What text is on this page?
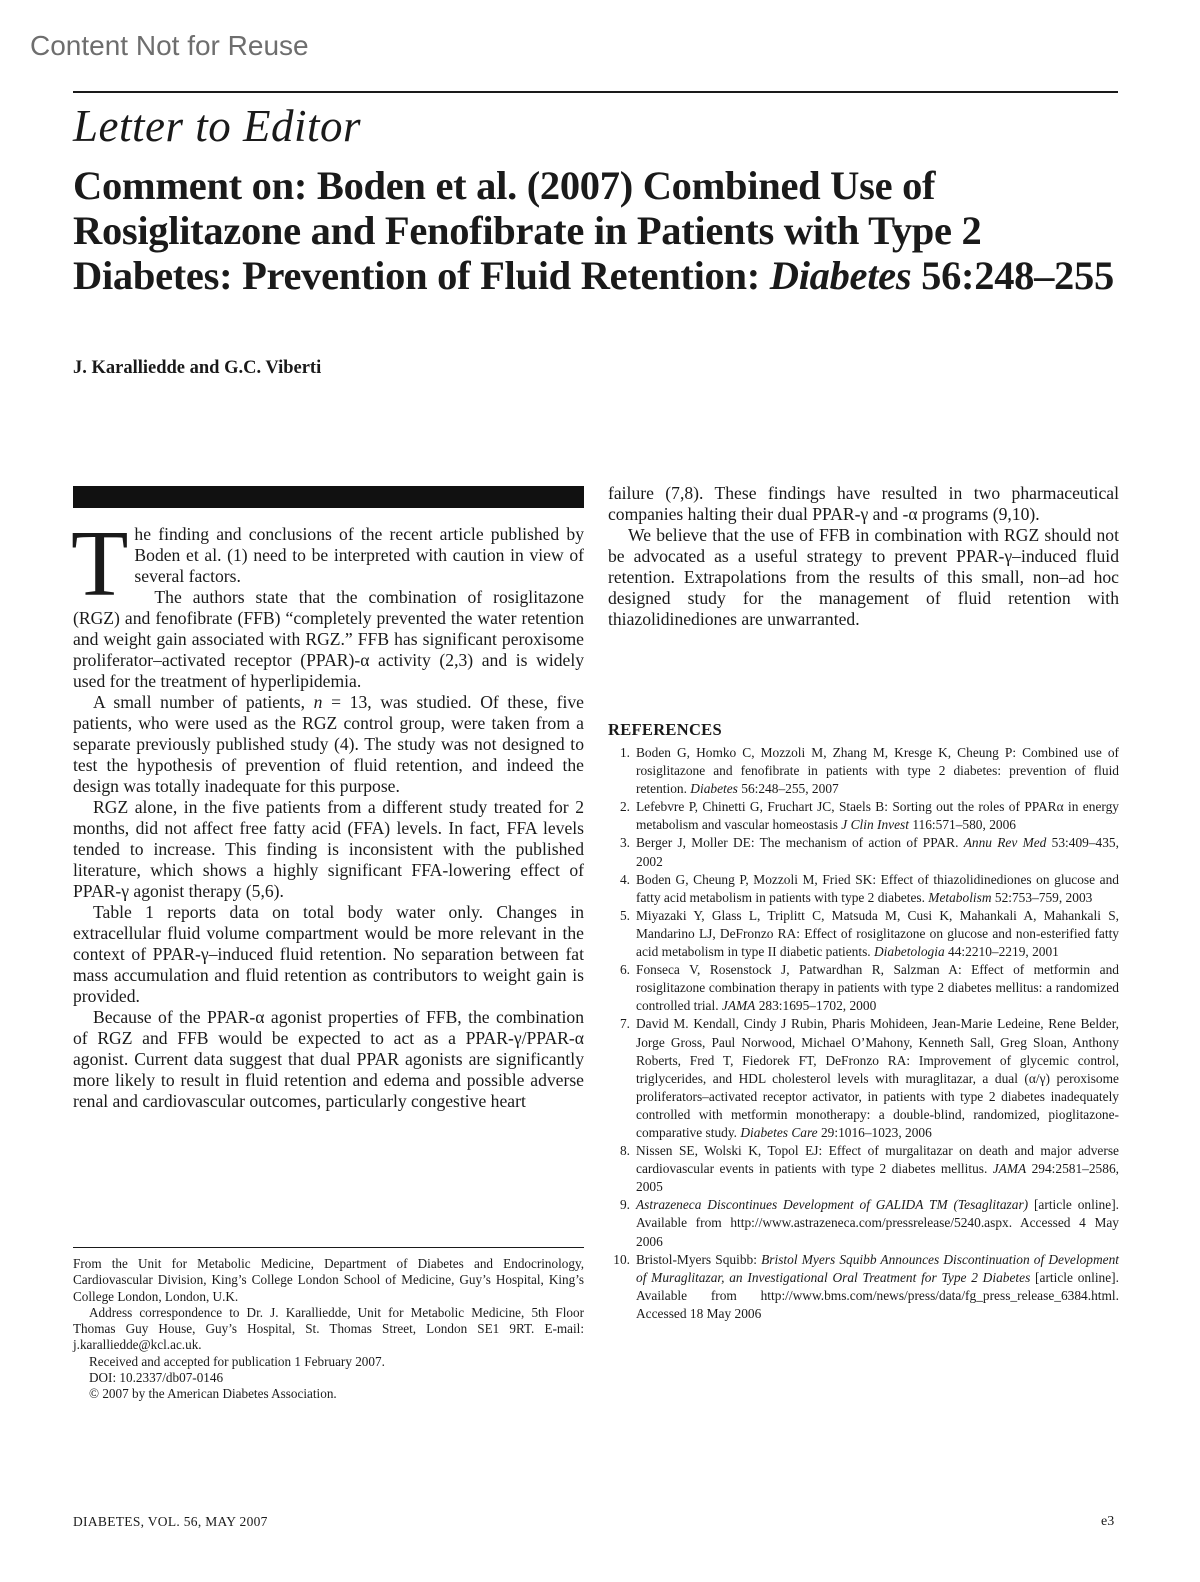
Content Not for Reuse
Letter to Editor
Comment on: Boden et al. (2007) Combined Use of Rosiglitazone and Fenofibrate in Patients with Type 2 Diabetes: Prevention of Fluid Retention: Diabetes 56:248–255
J. Karalliedde and G.C. Viberti

T he finding and conclusions of the recent article published by Boden et al. (1) need to be interpreted with caution in view of several factors.

The authors state that the combination of rosiglitazone (RGZ) and fenofibrate (FFB) “completely prevented the water retention and weight gain associated with RGZ.” FFB has significant peroxisome proliferator–activated receptor (PPAR)-α activity (2,3) and is widely used for the treatment of hyperlipidemia.

A small number of patients, n = 13, was studied. Of these, five patients, who were used as the RGZ control group, were taken from a separate previously published study (4). The study was not designed to test the hypothesis of prevention of fluid retention, and indeed the design was totally inadequate for this purpose.

RGZ alone, in the five patients from a different study treated for 2 months, did not affect free fatty acid (FFA) levels. In fact, FFA levels tended to increase. This finding is inconsistent with the published literature, which shows a highly significant FFA-lowering effect of PPAR-γ agonist therapy (5,6).

Table 1 reports data on total body water only. Changes in extracellular fluid volume compartment would be more relevant in the context of PPAR-γ–induced fluid retention. No separation between fat mass accumulation and fluid retention as contributors to weight gain is provided.

Because of the PPAR-α agonist properties of FFB, the combination of RGZ and FFB would be expected to act as a PPAR-γ/PPAR-α agonist. Current data suggest that dual PPAR agonists are significantly more likely to result in fluid retention and edema and possible adverse renal and cardiovascular outcomes, particularly congestive heart

failure (7,8). These findings have resulted in two pharmaceutical companies halting their dual PPAR-γ and -α programs (9,10).

We believe that the use of FFB in combination with RGZ should not be advocated as a useful strategy to prevent PPAR-γ–induced fluid retention. Extrapolations from the results of this small, non–ad hoc designed study for the management of fluid retention with thiazolidinediones are unwarranted.

REFERENCES
1. Boden G, Homko C, Mozzoli M, Zhang M, Kresge K, Cheung P: Combined use of rosiglitazone and fenofibrate in patients with type 2 diabetes: prevention of fluid retention. Diabetes 56:248–255, 2007
2. Lefebvre P, Chinetti G, Fruchart JC, Staels B: Sorting out the roles of PPARα in energy metabolism and vascular homeostasis J Clin Invest 116:571–580, 2006
3. Berger J, Moller DE: The mechanism of action of PPAR. Annu Rev Med 53:409–435, 2002
4. Boden G, Cheung P, Mozzoli M, Fried SK: Effect of thiazolidinediones on glucose and fatty acid metabolism in patients with type 2 diabetes. Metabolism 52:753–759, 2003
5. Miyazaki Y, Glass L, Triplitt C, Matsuda M, Cusi K, Mahankali A, Mahankali S, Mandarino LJ, DeFronzo RA: Effect of rosiglitazone on glucose and non-esterified fatty acid metabolism in type II diabetic patients. Diabetologia 44:2210–2219, 2001
6. Fonseca V, Rosenstock J, Patwardhan R, Salzman A: Effect of metformin and rosiglitazone combination therapy in patients with type 2 diabetes mellitus: a randomized controlled trial. JAMA 283:1695–1702, 2000
7. David M. Kendall, Cindy J Rubin, Pharis Mohideen, Jean-Marie Ledeine, Rene Belder, Jorge Gross, Paul Norwood, Michael O’Mahony, Kenneth Sall, Greg Sloan, Anthony Roberts, Fred T, Fiedorek FT, DeFronzo RA: Improvement of glycemic control, triglycerides, and HDL cholesterol levels with muraglitazar, a dual (α/γ) peroxisome proliferators–activated receptor activator, in patients with type 2 diabetes inadequately controlled with metformin monotherapy: a double-blind, randomized, pioglitazone-comparative study. Diabetes Care 29:1016–1023, 2006
8. Nissen SE, Wolski K, Topol EJ: Effect of murgalitazar on death and major adverse cardiovascular events in patients with type 2 diabetes mellitus. JAMA 294:2581–2586, 2005
9. Astrazeneca Discontinues Development of GALIDA TM (Tesaglitazar) [article online]. Available from http://www.astrazeneca.com/pressrelease/5240.aspx. Accessed 4 May 2006
10. Bristol-Myers Squibb: Bristol Myers Squibb Announces Discontinuation of Development of Muraglitazar, an Investigational Oral Treatment for Type 2 Diabetes [article online]. Available from http://www.bms.com/news/press/data/fg_press_release_6384.html. Accessed 18 May 2006

From the Unit for Metabolic Medicine, Department of Diabetes and Endocrinology, Cardiovascular Division, King’s College London School of Medicine, Guy’s Hospital, King’s College London, London, U.K.

Address correspondence to Dr. J. Karalliedde, Unit for Metabolic Medicine, 5th Floor Thomas Guy House, Guy’s Hospital, St. Thomas Street, London SE1 9RT. E-mail: j.karalliedde@kcl.ac.uk.

Received and accepted for publication 1 February 2007.

DOI: 10.2337/db07-0146

© 2007 by the American Diabetes Association.

DIABETES, VOL. 56, MAY 2007	e3
